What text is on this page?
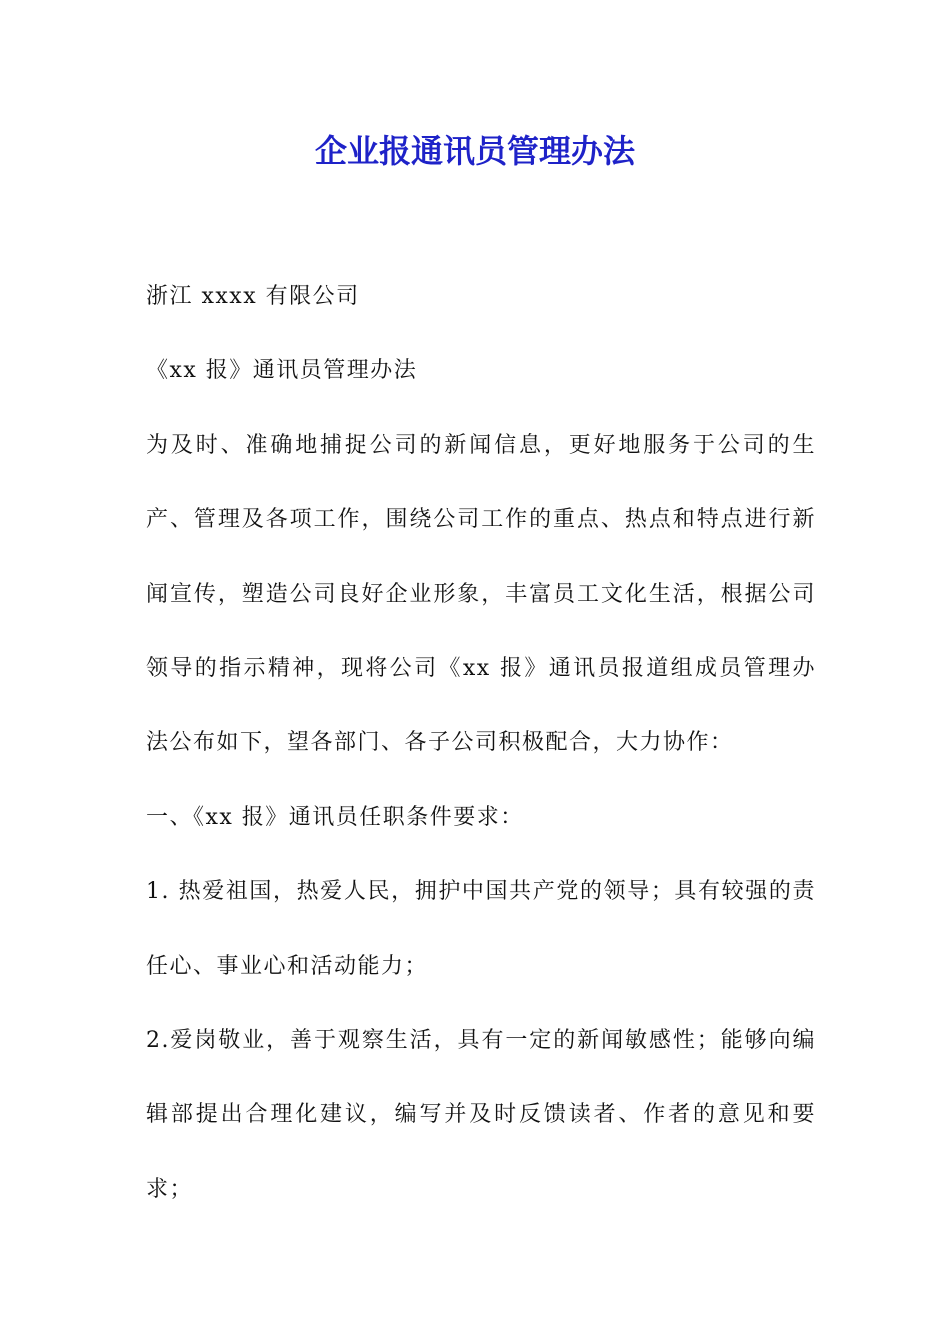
企业报通讯员管理办法

浙江 xxxx 有限公司

《xx 报》通讯员管理办法

为及时、准确地捕捉公司的新闻信息，更好地服务于公司的生产、管理及各项工作，围绕公司工作的重点、热点和特点进行新闻宣传，塑造公司良好企业形象，丰富员工文化生活，根据公司领导的指示精神，现将公司《xx 报》通讯员报道组成员管理办法公布如下，望各部门、各子公司积极配合，大力协作：

一、《xx 报》通讯员任职条件要求：

1. 热爱祖国，热爱人民，拥护中国共产党的领导；具有较强的责任心、事业心和活动能力；

2.爱岗敬业，善于观察生活，具有一定的新闻敏感性；能够向编辑部提出合理化建议，编写并及时反馈读者、作者的意见和要求；
